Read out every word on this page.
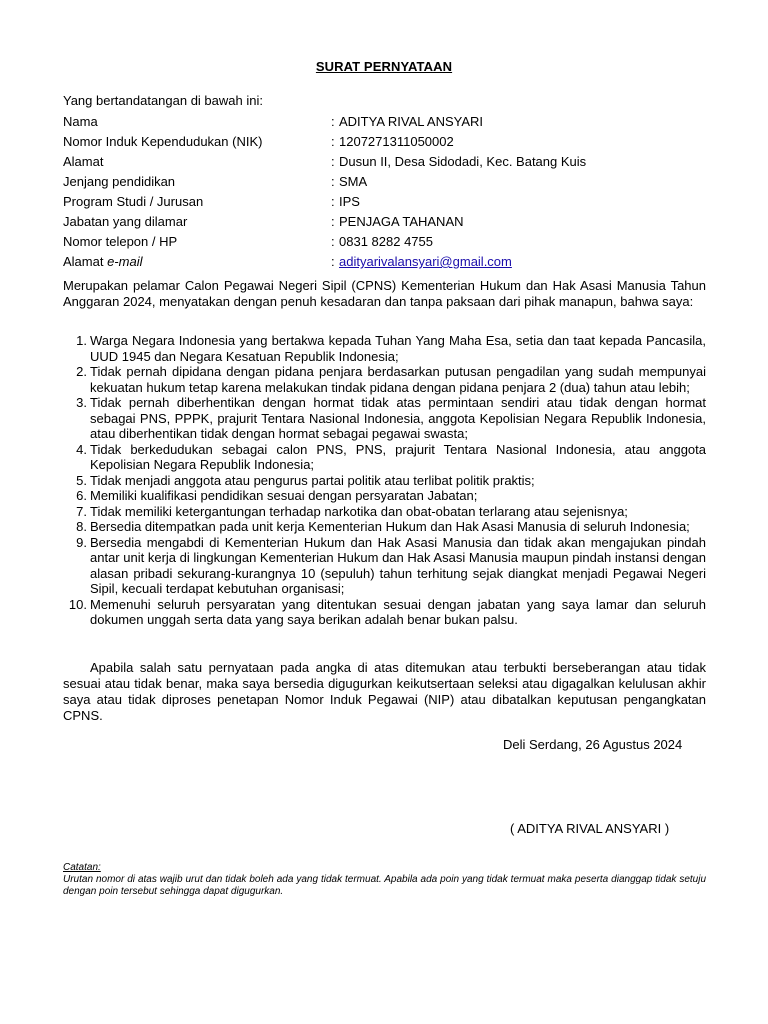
SURAT PERNYATAAN
Yang bertandatangan di bawah ini:
Nama	: ADITYA RIVAL ANSYARI
Nomor Induk Kependudukan (NIK)	: 1207271311050002
Alamat	: Dusun II, Desa Sidodadi, Kec. Batang Kuis
Jenjang pendidikan	: SMA
Program Studi / Jurusan	: IPS
Jabatan yang dilamar	: PENJAGA TAHANAN
Nomor telepon / HP	: 0831 8282 4755
Alamat e-mail	: adityarivalansyari@gmail.com
Merupakan pelamar Calon Pegawai Negeri Sipil (CPNS) Kementerian Hukum dan Hak Asasi Manusia Tahun Anggaran 2024, menyatakan dengan penuh kesadaran dan tanpa paksaan dari pihak manapun, bahwa saya:
1. Warga Negara Indonesia yang bertakwa kepada Tuhan Yang Maha Esa, setia dan taat kepada Pancasila, UUD 1945 dan Negara Kesatuan Republik Indonesia;
2. Tidak pernah dipidana dengan pidana penjara berdasarkan putusan pengadilan yang sudah mempunyai kekuatan hukum tetap karena melakukan tindak pidana dengan pidana penjara 2 (dua) tahun atau lebih;
3. Tidak pernah diberhentikan dengan hormat tidak atas permintaan sendiri atau tidak dengan hormat sebagai PNS, PPPK, prajurit Tentara Nasional Indonesia, anggota Kepolisian Negara Republik Indonesia, atau diberhentikan tidak dengan hormat sebagai pegawai swasta;
4. Tidak berkedudukan sebagai calon PNS, PNS, prajurit Tentara Nasional Indonesia, atau anggota Kepolisian Negara Republik Indonesia;
5. Tidak menjadi anggota atau pengurus partai politik atau terlibat politik praktis;
6. Memiliki kualifikasi pendidikan sesuai dengan persyaratan Jabatan;
7. Tidak memiliki ketergantungan terhadap narkotika dan obat-obatan terlarang atau sejenisnya;
8. Bersedia ditempatkan pada unit kerja Kementerian Hukum dan Hak Asasi Manusia di seluruh Indonesia;
9. Bersedia mengabdi di Kementerian Hukum dan Hak Asasi Manusia dan tidak akan mengajukan pindah antar unit kerja di lingkungan Kementerian Hukum dan Hak Asasi Manusia maupun pindah instansi dengan alasan pribadi sekurang-kurangnya 10 (sepuluh) tahun terhitung sejak diangkat menjadi Pegawai Negeri Sipil, kecuali terdapat kebutuhan organisasi;
10. Memenuhi seluruh persyaratan yang ditentukan sesuai dengan jabatan yang saya lamar dan seluruh dokumen unggah serta data yang saya berikan adalah benar bukan palsu.
Apabila salah satu pernyataan pada angka di atas ditemukan atau terbukti berseberangan atau tidak sesuai atau tidak benar, maka saya bersedia digugurkan keikutsertaan seleksi atau digagalkan kelulusan akhir saya atau tidak diproses penetapan Nomor Induk Pegawai (NIP) atau dibatalkan keputusan pengangkatan CPNS.
Deli Serdang, 26 Agustus 2024
( ADITYA RIVAL ANSYARI )
Catatan:
Urutan nomor di atas wajib urut dan tidak boleh ada yang tidak termuat. Apabila ada poin yang tidak termuat maka peserta dianggap tidak setuju dengan poin tersebut sehingga dapat digugurkan.
